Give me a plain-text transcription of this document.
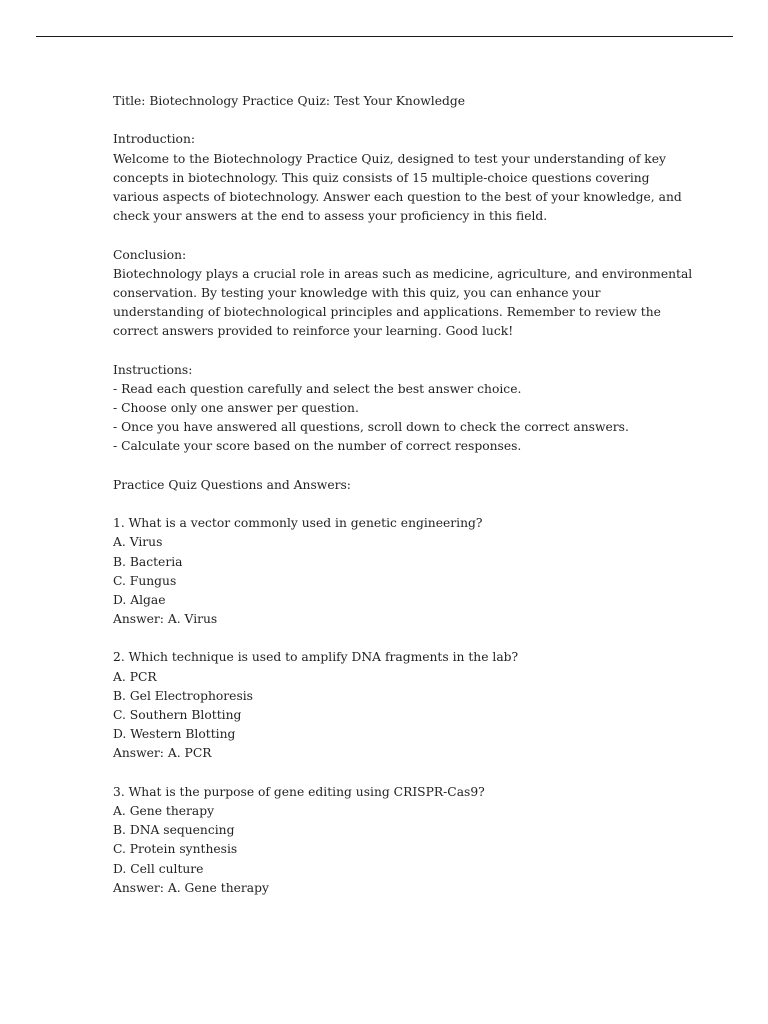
Title: Biotechnology Practice Quiz: Test Your Knowledge
Introduction:
Welcome to the Biotechnology Practice Quiz, designed to test your understanding of key
concepts in biotechnology. This quiz consists of 15 multiple-choice questions covering
various aspects of biotechnology. Answer each question to the best of your knowledge, and
check your answers at the end to assess your proficiency in this field.
Conclusion:
Biotechnology plays a crucial role in areas such as medicine, agriculture, and environmental
conservation. By testing your knowledge with this quiz, you can enhance your
understanding of biotechnological principles and applications. Remember to review the
correct answers provided to reinforce your learning. Good luck!
Instructions:
- Read each question carefully and select the best answer choice.
- Choose only one answer per question.
- Once you have answered all questions, scroll down to check the correct answers.
- Calculate your score based on the number of correct responses.
Practice Quiz Questions and Answers:
1. What is a vector commonly used in genetic engineering?
A. Virus
B. Bacteria
C. Fungus
D. Algae
Answer: A. Virus
2. Which technique is used to amplify DNA fragments in the lab?
A. PCR
B. Gel Electrophoresis
C. Southern Blotting
D. Western Blotting
Answer: A. PCR
3. What is the purpose of gene editing using CRISPR-Cas9?
A. Gene therapy
B. DNA sequencing
C. Protein synthesis
D. Cell culture
Answer: A. Gene therapy
